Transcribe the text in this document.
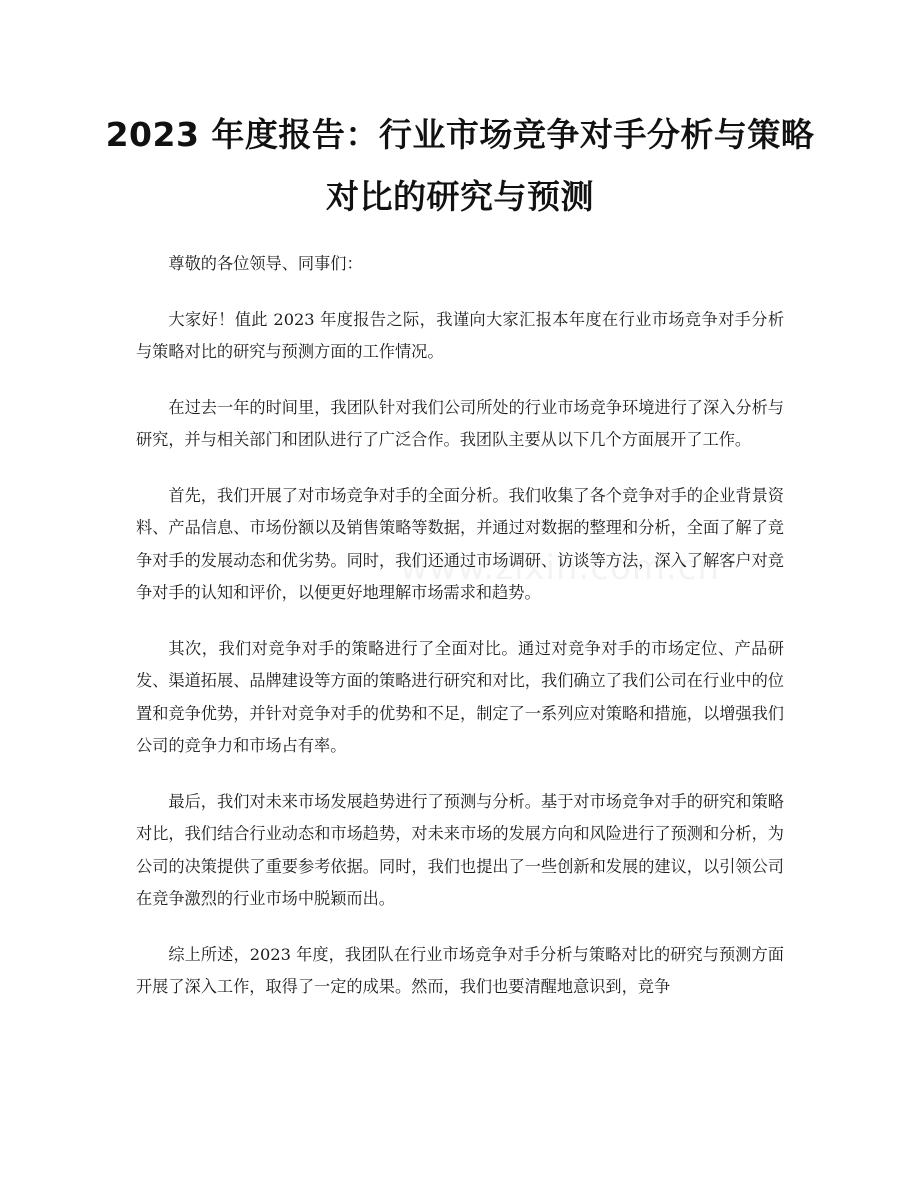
2023 年度报告：行业市场竞争对手分析与策略对比的研究与预测

尊敬的各位领导、同事们：

大家好！值此 2023 年度报告之际，我谨向大家汇报本年度在行业市场竞争对手分析与策略对比的研究与预测方面的工作情况。

在过去一年的时间里，我团队针对我们公司所处的行业市场竞争环境进行了深入分析与研究，并与相关部门和团队进行了广泛合作。我团队主要从以下几个方面展开了工作。

首先，我们开展了对市场竞争对手的全面分析。我们收集了各个竞争对手的企业背景资料、产品信息、市场份额以及销售策略等数据，并通过对数据的整理和分析，全面了解了竞争对手的发展动态和优劣势。同时，我们还通过市场调研、访谈等方法，深入了解客户对竞争对手的认知和评价，以便更好地理解市场需求和趋势。

其次，我们对竞争对手的策略进行了全面对比。通过对竞争对手的市场定位、产品研发、渠道拓展、品牌建设等方面的策略进行研究和对比，我们确立了我们公司在行业中的位置和竞争优势，并针对竞争对手的优势和不足，制定了一系列应对策略和措施，以增强我们公司的竞争力和市场占有率。

最后，我们对未来市场发展趋势进行了预测与分析。基于对市场竞争对手的研究和策略对比，我们结合行业动态和市场趋势，对未来市场的发展方向和风险进行了预测和分析，为公司的决策提供了重要参考依据。同时，我们也提出了一些创新和发展的建议，以引领公司在竞争激烈的行业市场中脱颖而出。

综上所述，2023 年度，我团队在行业市场竞争对手分析与策略对比的研究与预测方面开展了深入工作，取得了一定的成果。然而，我们也要清醒地意识到，竞争
